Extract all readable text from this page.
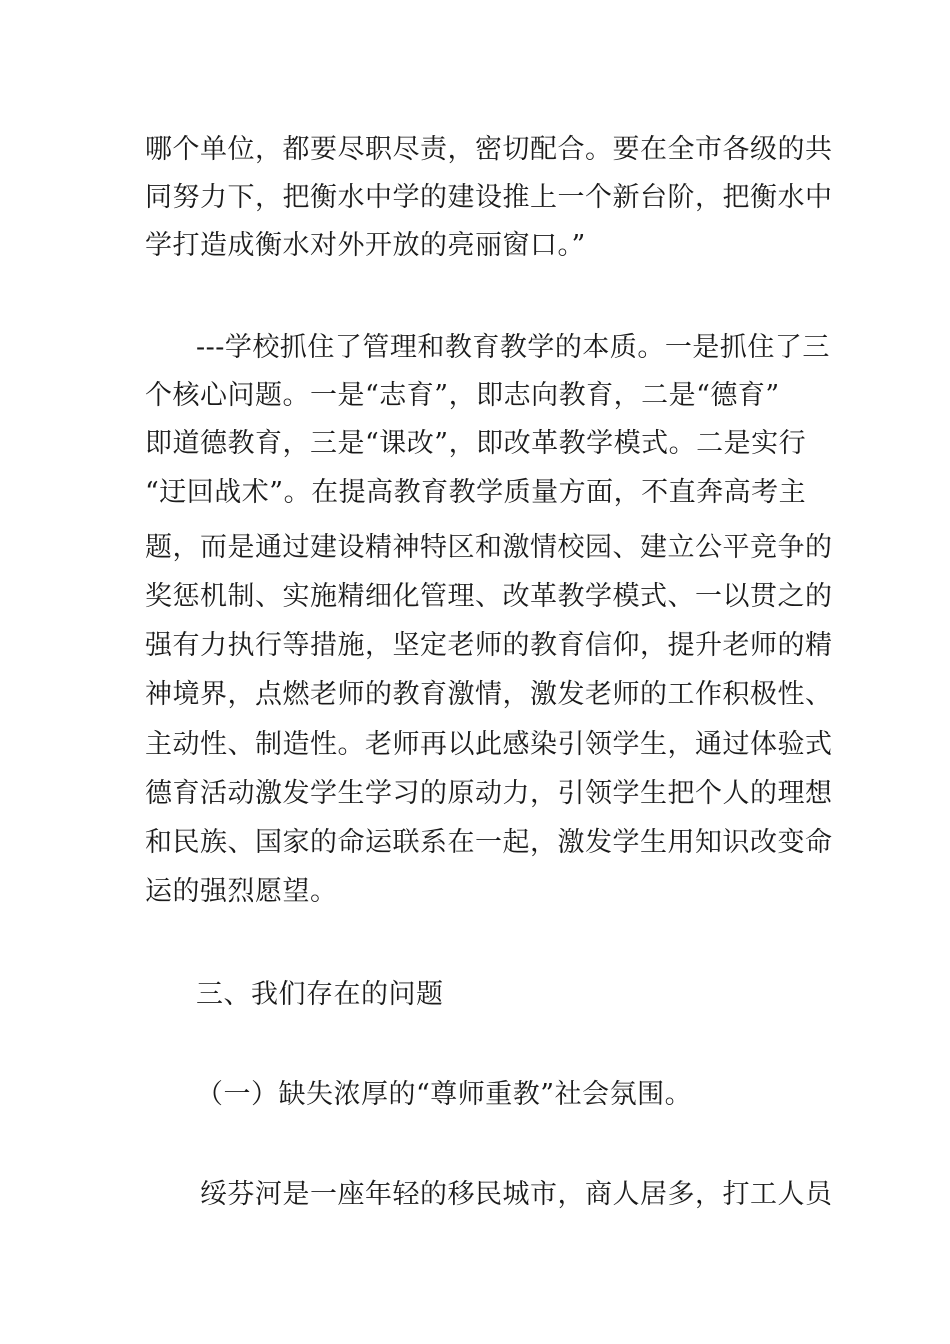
哪个单位，都要尽职尽责，密切配合。要在全市各级的共
同努力下，把衡水中学的建设推上一个新台阶，把衡水中
学打造成衡水对外开放的亮丽窗口。”
---学校抓住了管理和教育教学的本质。一是抓住了三
个核心问题。一是“志育”，即志向教育，二是“德育”
即道德教育，三是“课改”，即改革教学模式。二是实行
“迂回战术”。在提高教育教学质量方面，不直奔高考主
题，而是通过建设精神特区和激情校园、建立公平竞争的
奖惩机制、实施精细化管理、改革教学模式、一以贯之的
强有力执行等措施，坚定老师的教育信仰，提升老师的精
神境界，点燃老师的教育激情，激发老师的工作积极性、
主动性、制造性。老师再以此感染引领学生，通过体验式
德育活动激发学生学习的原动力，引领学生把个人的理想
和民族、国家的命运联系在一起，激发学生用知识改变命
运的强烈愿望。
三、我们存在的问题
（一）缺失浓厚的“尊师重教”社会氛围。
绥芬河是一座年轻的移民城市，商人居多，打工人员
